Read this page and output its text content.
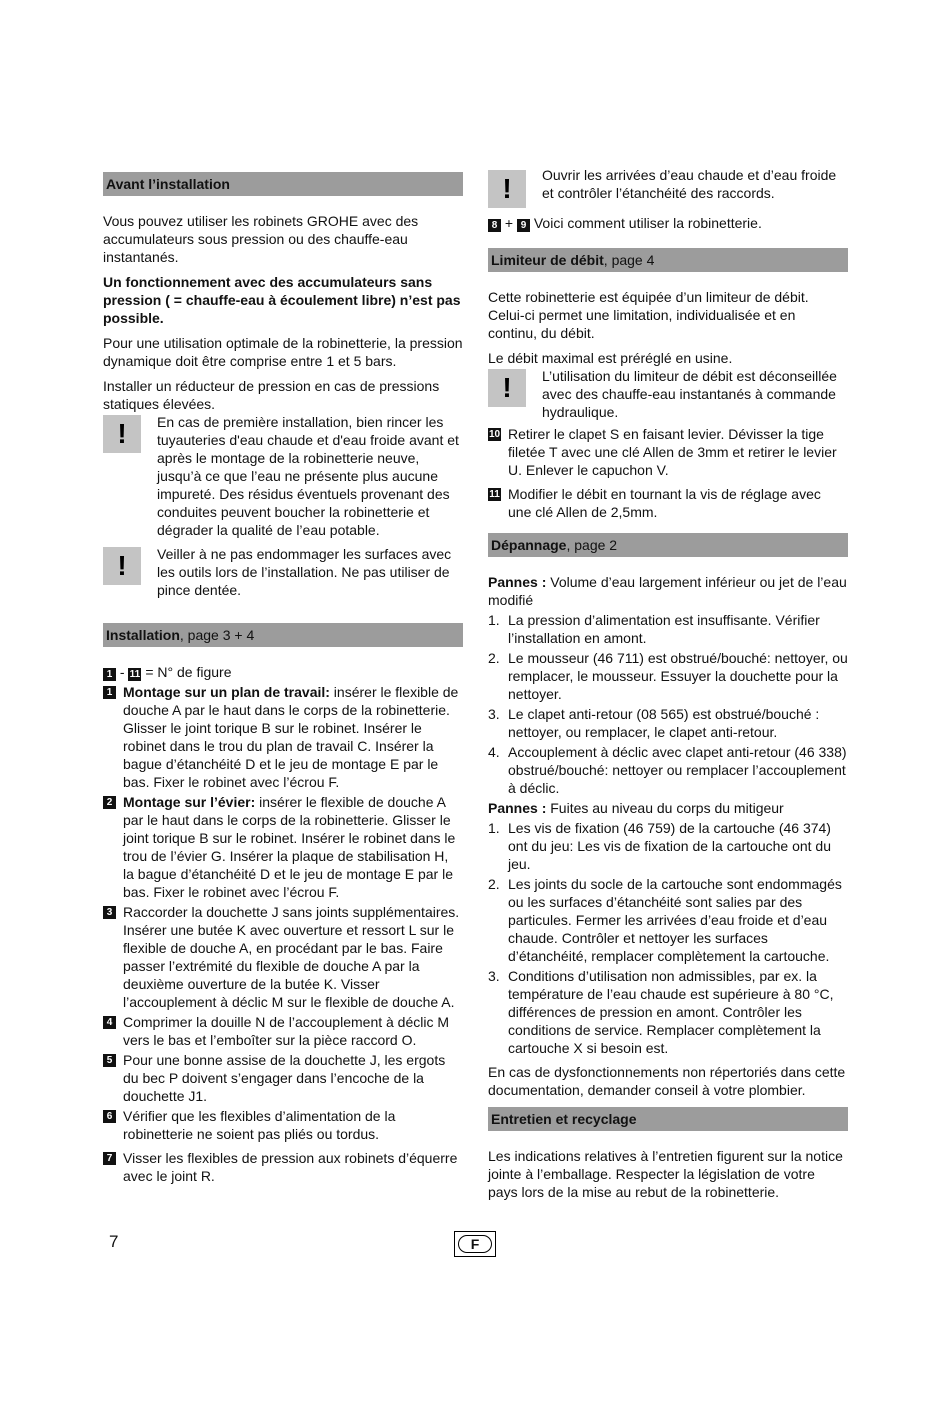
Avant l’installation

Vous pouvez utiliser les robinets GROHE avec des accumulateurs sous pression ou des chauffe-eau instantanés.

Un fonctionnement avec des accumulateurs sans pression ( = chauffe-eau à écoulement libre) n’est pas possible.

Pour une utilisation optimale de la robinetterie, la pression dynamique doit être comprise entre 1 et 5 bars.

Installer un réducteur de pression en cas de pressions statiques élevées.

!	En cas de première installation, bien rincer les tuyauteries d'eau chaude et d'eau froide avant et après le montage de la robinetterie neuve, jusqu’à ce que l’eau ne présente plus aucune impureté. Des résidus éventuels provenant des conduites peuvent boucher la robinetterie et dégrader la qualité de l’eau potable.
!	Veiller à ne pas endommager les surfaces avec les outils lors de l’installation. Ne pas utiliser de pince dentée.
Installation, page 3 + 4
1 - 11 = N° de figure
1 Montage sur un plan de travail: insérer le flexible de douche A par le haut dans le corps de la robinetterie. Glisser le joint torique B sur le robinet. Insérer le robinet dans le trou du plan de travail C. Insérer la bague d’étanchéité D et le jeu de montage E par le bas. Fixer le robinet avec l’écrou F.
2 Montage sur l’évier: insérer le flexible de douche A par le haut dans le corps de la robinetterie. Glisser le joint torique B sur le robinet. Insérer le robinet dans le trou de l’évier G. Insérer la plaque de stabilisation H, la bague d’étanchéité D et le jeu de montage E par le bas. Fixer le robinet avec l’écrou F.
3 Raccorder la douchette J sans joints supplémentaires. Insérer une butée K avec ouverture et ressort L sur le flexible de douche A, en procédant par le bas. Faire passer l’extrémité du flexible de douche A par la deuxième ouverture de la butée K. Visser l’accouplement à déclic M sur le flexible de douche A.
4 Comprimer la douille N de l’accouplement à déclic M vers le bas et l’emboîter sur la pièce raccord O.
5 Pour une bonne assise de la douchette J, les ergots du bec P doivent s’engager dans l’encoche de la douchette J1.
6 Vérifier que les flexibles d’alimentation de la robinetterie ne soient pas pliés ou tordus.
7 Visser les flexibles de pression aux robinets d’équerre avec le joint R.
!	Ouvrir les arrivées d’eau chaude et d’eau froide et contrôler l’étanchéité des raccords.
8 + 9 Voici comment utiliser la robinetterie.
Limiteur de débit, page 4

Cette robinetterie est équipée d’un limiteur de débit. Celui-ci permet une limitation, individualisée et en continu, du débit.

Le débit maximal est préréglé en usine.

!	L’utilisation du limiteur de débit est déconseillée avec des chauffe-eau instantanés à commande hydraulique.
10 Retirer le clapet S en faisant levier. Dévisser la tige filetée T avec une clé Allen de 3mm et retirer le levier U. Enlever le capuchon V.
11 Modifier le débit en tournant la vis de réglage avec une clé Allen de 2,5mm.
Dépannage, page 2
Pannes : Volume d’eau largement inférieur ou jet de l’eau modifié
1. La pression d’alimentation est insuffisante. Vérifier l’installation en amont.
2. Le mousseur (46 711) est obstrué/bouché: nettoyer, ou remplacer, le mousseur. Essuyer la douchette pour la nettoyer.
3. Le clapet anti-retour (08 565) est obstrué/bouché : nettoyer, ou remplacer, le clapet anti-retour.
4. Accouplement à déclic avec clapet anti-retour (46 338) obstrué/bouché: nettoyer ou remplacer l’accouplement à déclic.
Pannes : Fuites au niveau du corps du mitigeur
1. Les vis de fixation (46 759) de la cartouche (46 374) ont du jeu: Les vis de fixation de la cartouche ont du jeu.
2. Les joints du socle de la cartouche sont endommagés ou les surfaces d’étanchéité sont salies par des particules. Fermer les arrivées d’eau froide et d’eau chaude. Contrôler et nettoyer les surfaces d’étanchéité, remplacer complètement la cartouche.
3. Conditions d’utilisation non admissibles, par ex. la température de l’eau chaude est supérieure à 80 °C, différences de pression en amont. Contrôler les conditions de service. Remplacer complètement la cartouche X si besoin est.

En cas de dysfonctionnements non répertoriés dans cette documentation, demander conseil à votre plombier.

Entretien et recyclage

Les indications relatives à l’entretien figurent sur la notice jointe à l’emballage. Respecter la législation de votre pays lors de la mise au rebut de la robinetterie.

7	F
